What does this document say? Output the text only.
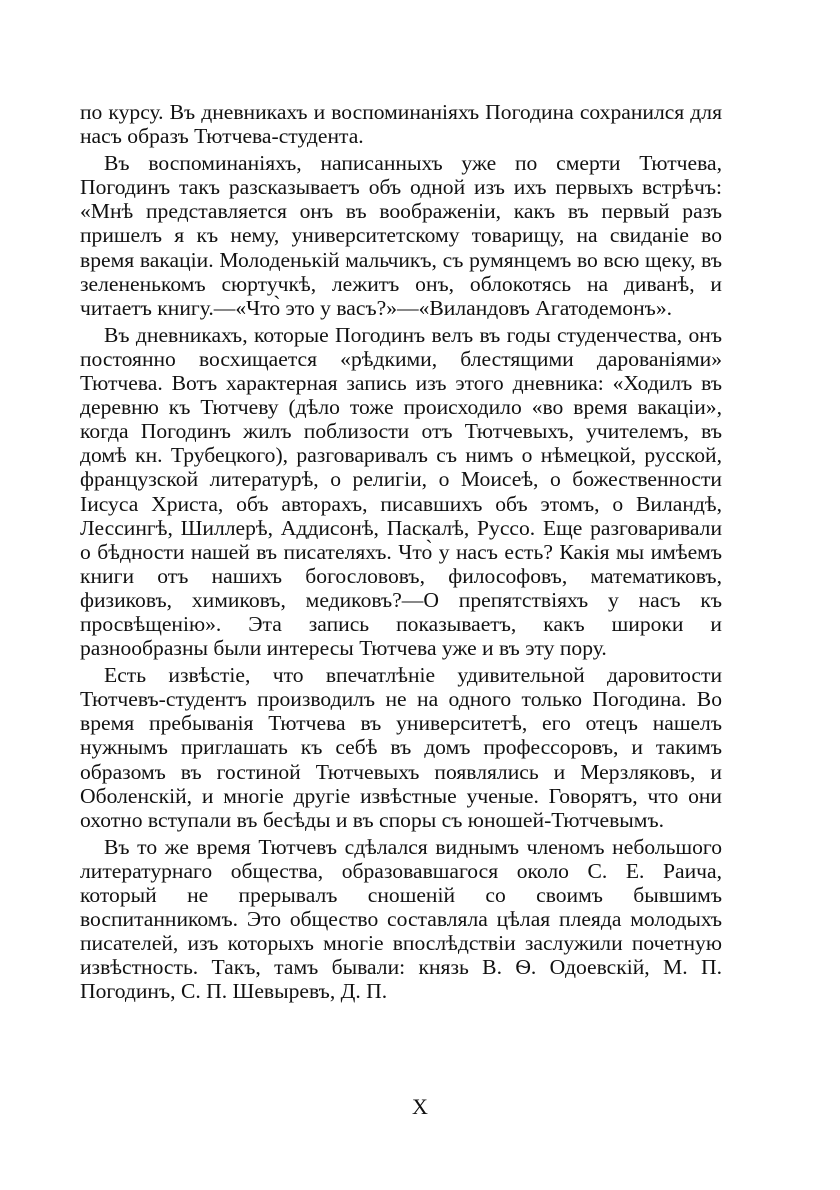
по курсу. Въ дневникахъ и воспоминаніяхъ Погодина сохранился для насъ образъ Тютчева-студента.

Въ воспоминаніяхъ, написанныхъ уже по смерти Тютчева, Погодинъ такъ разсказываетъ объ одной изъ ихъ первыхъ встрѣчъ: «Мнѣ представляется онъ въ воображеніи, какъ въ первый разъ пришелъ я къ нему, университетскому товарищу, на свиданіе во время вакаціи. Молоденькій мальчикъ, съ румянцемъ во всю щеку, въ зелененькомъ сюртучкѣ, лежитъ онъ, облокотясь на диванѣ, и читаетъ книгу.—«Что̀ это у васъ?»—«Виландовъ Агатодемонъ».

Въ дневникахъ, которые Погодинъ велъ въ годы студенчества, онъ постоянно восхищается «рѣдкими, блестящими дарованіями» Тютчева. Вотъ характерная запись изъ этого дневника: «Ходилъ въ деревню къ Тютчеву (дѣло тоже происходило «во время вакаціи», когда Погодинъ жилъ поблизости отъ Тютчевыхъ, учителемъ, въ домѣ кн. Трубецкого), разговаривалъ съ нимъ о нѣмецкой, русской, французской литературѣ, о религіи, о Моисеѣ, о божественности Іисуса Христа, объ авторахъ, писавшихъ объ этомъ, о Виландѣ, Лессингѣ, Шиллерѣ, Аддисонѣ, Паскалѣ, Руссо. Еще разговаривали о бѣдности нашей въ писателяхъ. Что̀ у насъ есть? Какія мы имѣемъ книги отъ нашихъ богослововъ, философовъ, математиковъ, физиковъ, химиковъ, медиковъ?—О препятствіяхъ у насъ къ просвѣщенію». Эта запись показываетъ, какъ широки и разнообразны были интересы Тютчева уже и въ эту пору.

Есть извѣстіе, что впечатлѣніе удивительной даровитости Тютчевъ-студентъ производилъ не на одного только Погодина. Во время пребыванія Тютчева въ университетѣ, его отецъ нашелъ нужнымъ приглашать къ себѣ въ домъ профессоровъ, и такимъ образомъ въ гостиной Тютчевыхъ появлялись и Мерзляковъ, и Оболенскій, и многіе другіе извѣстные ученые. Говорятъ, что они охотно вступали въ бесѣды и въ споры съ юношей-Тютчевымъ.

Въ то же время Тютчевъ сдѣлался виднымъ членомъ небольшого литературнаго общества, образовавшагося около С. Е. Раича, который не прерывалъ сношеній со своимъ бывшимъ воспитанникомъ. Это общество составляла цѣлая плеяда молодыхъ писателей, изъ которыхъ многіе впослѣдствіи заслужили почетную извѣстность. Такъ, тамъ бывали: князь В. Ѳ. Одоевскій, М. П. Погодинъ, С. П. Шевыревъ, Д. П.

X
